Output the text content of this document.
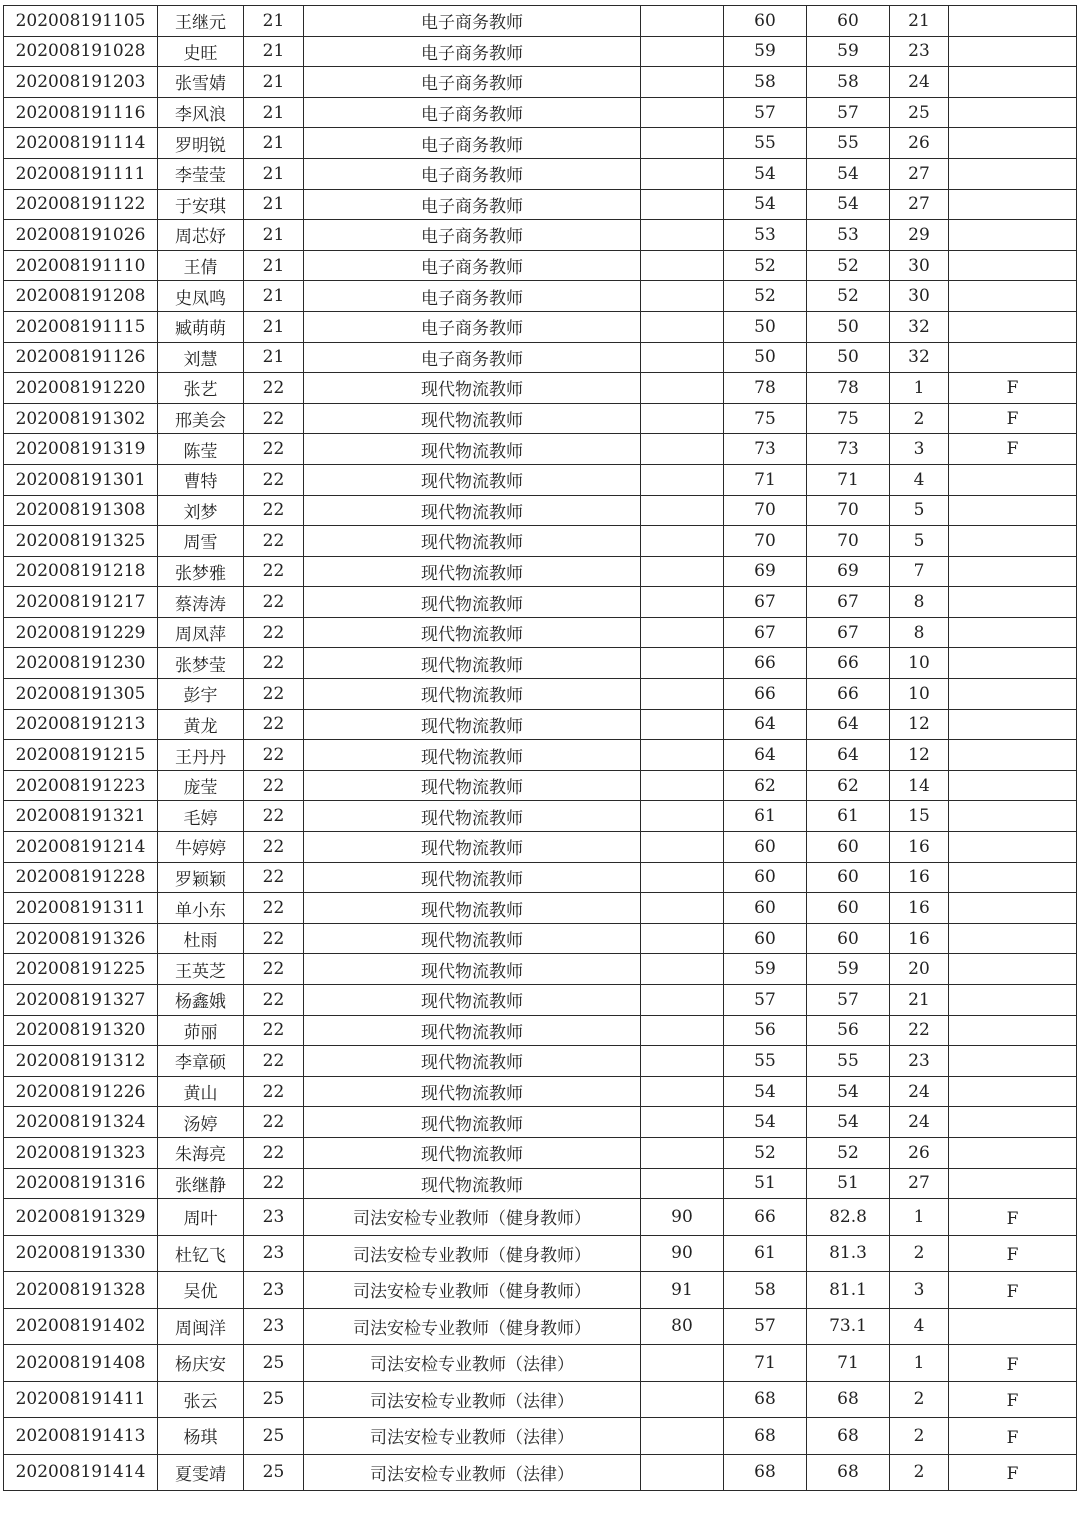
202008191105	王继元	21	电子商务教师		60	60	21	
202008191028	史旺	21	电子商务教师		59	59	23	
202008191203	张雪婧	21	电子商务教师		58	58	24	
202008191116	李风浪	21	电子商务教师		57	57	25	
202008191114	罗明锐	21	电子商务教师		55	55	26	
202008191111	李莹莹	21	电子商务教师		54	54	27	
202008191122	于安琪	21	电子商务教师		54	54	27	
202008191026	周芯妤	21	电子商务教师		53	53	29	
202008191110	王倩	21	电子商务教师		52	52	30	
202008191208	史凤鸣	21	电子商务教师		52	52	30	
202008191115	臧萌萌	21	电子商务教师		50	50	32	
202008191126	刘慧	21	电子商务教师		50	50	32	
202008191220	张艺	22	现代物流教师		78	78	1	F
202008191302	邢美会	22	现代物流教师		75	75	2	F
202008191319	陈莹	22	现代物流教师		73	73	3	F
202008191301	曹特	22	现代物流教师		71	71	4	
202008191308	刘梦	22	现代物流教师		70	70	5	
202008191325	周雪	22	现代物流教师		70	70	5	
202008191218	张梦雅	22	现代物流教师		69	69	7	
202008191217	蔡涛涛	22	现代物流教师		67	67	8	
202008191229	周凤萍	22	现代物流教师		67	67	8	
202008191230	张梦莹	22	现代物流教师		66	66	10	
202008191305	彭宇	22	现代物流教师		66	66	10	
202008191213	黄龙	22	现代物流教师		64	64	12	
202008191215	王丹丹	22	现代物流教师		64	64	12	
202008191223	庞莹	22	现代物流教师		62	62	14	
202008191321	毛婷	22	现代物流教师		61	61	15	
202008191214	牛婷婷	22	现代物流教师		60	60	16	
202008191228	罗颖颖	22	现代物流教师		60	60	16	
202008191311	单小东	22	现代物流教师		60	60	16	
202008191326	杜雨	22	现代物流教师		60	60	16	
202008191225	王英芝	22	现代物流教师		59	59	20	
202008191327	杨鑫娥	22	现代物流教师		57	57	21	
202008191320	茆丽	22	现代物流教师		56	56	22	
202008191312	李章硕	22	现代物流教师		55	55	23	
202008191226	黄山	22	现代物流教师		54	54	24	
202008191324	汤婷	22	现代物流教师		54	54	24	
202008191323	朱海亮	22	现代物流教师		52	52	26	
202008191316	张继静	22	现代物流教师		51	51	27	
202008191329	周叶	23	司法安检专业教师（健身教师）	90	66	82.8	1	F
202008191330	杜钇飞	23	司法安检专业教师（健身教师）	90	61	81.3	2	F
202008191328	吴优	23	司法安检专业教师（健身教师）	91	58	81.1	3	F
202008191402	周闽洋	23	司法安检专业教师（健身教师）	80	57	73.1	4	
202008191408	杨庆安	25	司法安检专业教师（法律）		71	71	1	F
202008191411	张云	25	司法安检专业教师（法律）		68	68	2	F
202008191413	杨琪	25	司法安检专业教师（法律）		68	68	2	F
202008191414	夏雯靖	25	司法安检专业教师（法律）		68	68	2	F
